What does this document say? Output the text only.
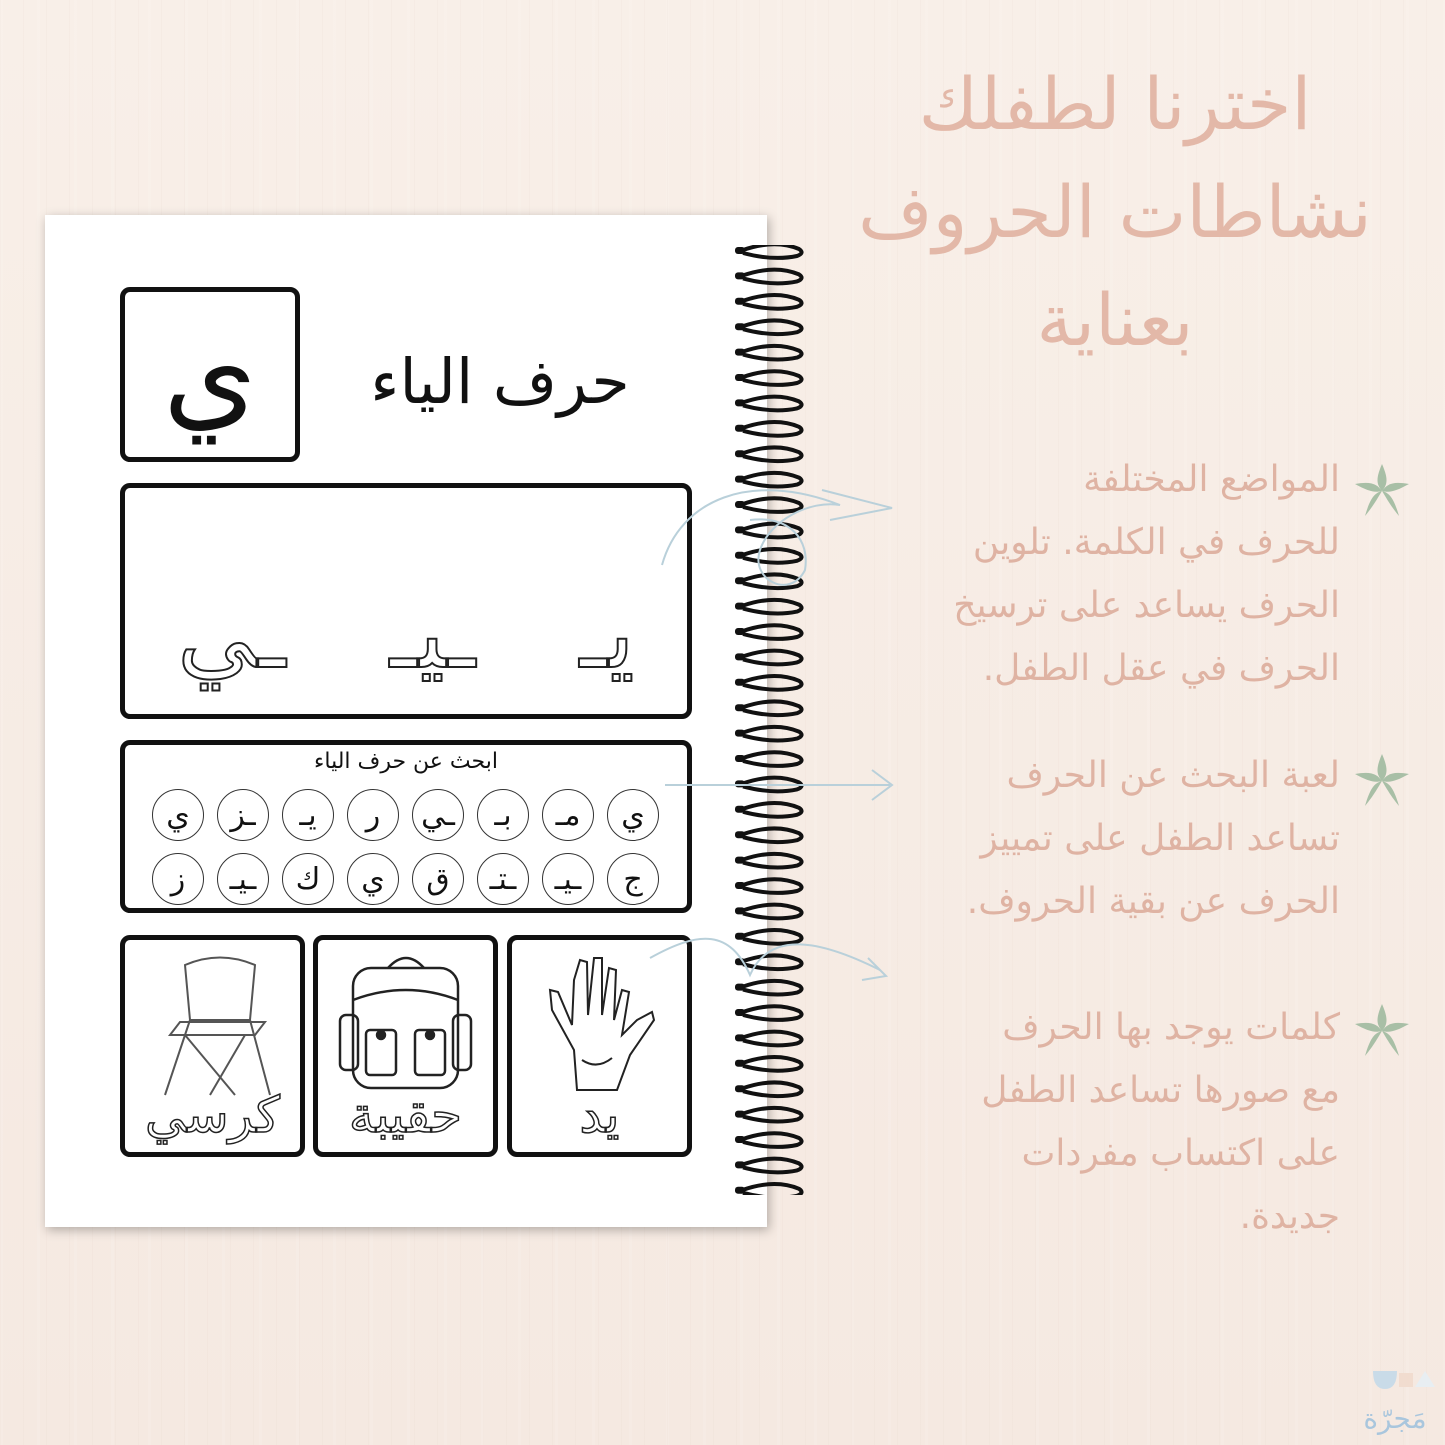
اخترنا لطفلك
نشاطات الحروف
بعناية
المواضع المختلفة
للحرف في الكلمة. تلوين
الحرف يساعد على ترسيخ
الحرف في عقل الطفل.
لعبة البحث عن الحرف
تساعد الطفل على تمييز
الحرف عن بقية الحروف.
كلمات يوجد بها الحرف
مع صورها تساعد الطفل
على اكتساب مفردات
جديدة.
ي	حرف الياء
ـي ـيـ يـ
ابحث عن حرف الياء
ي
مـ
بـ
ـي
ر
يـ
ـز
ي
ج
ـيـ
ـتـ
ق
ي
ك
ـيـ
ز
يد
حقيبة
كرسي
مَجرّة
